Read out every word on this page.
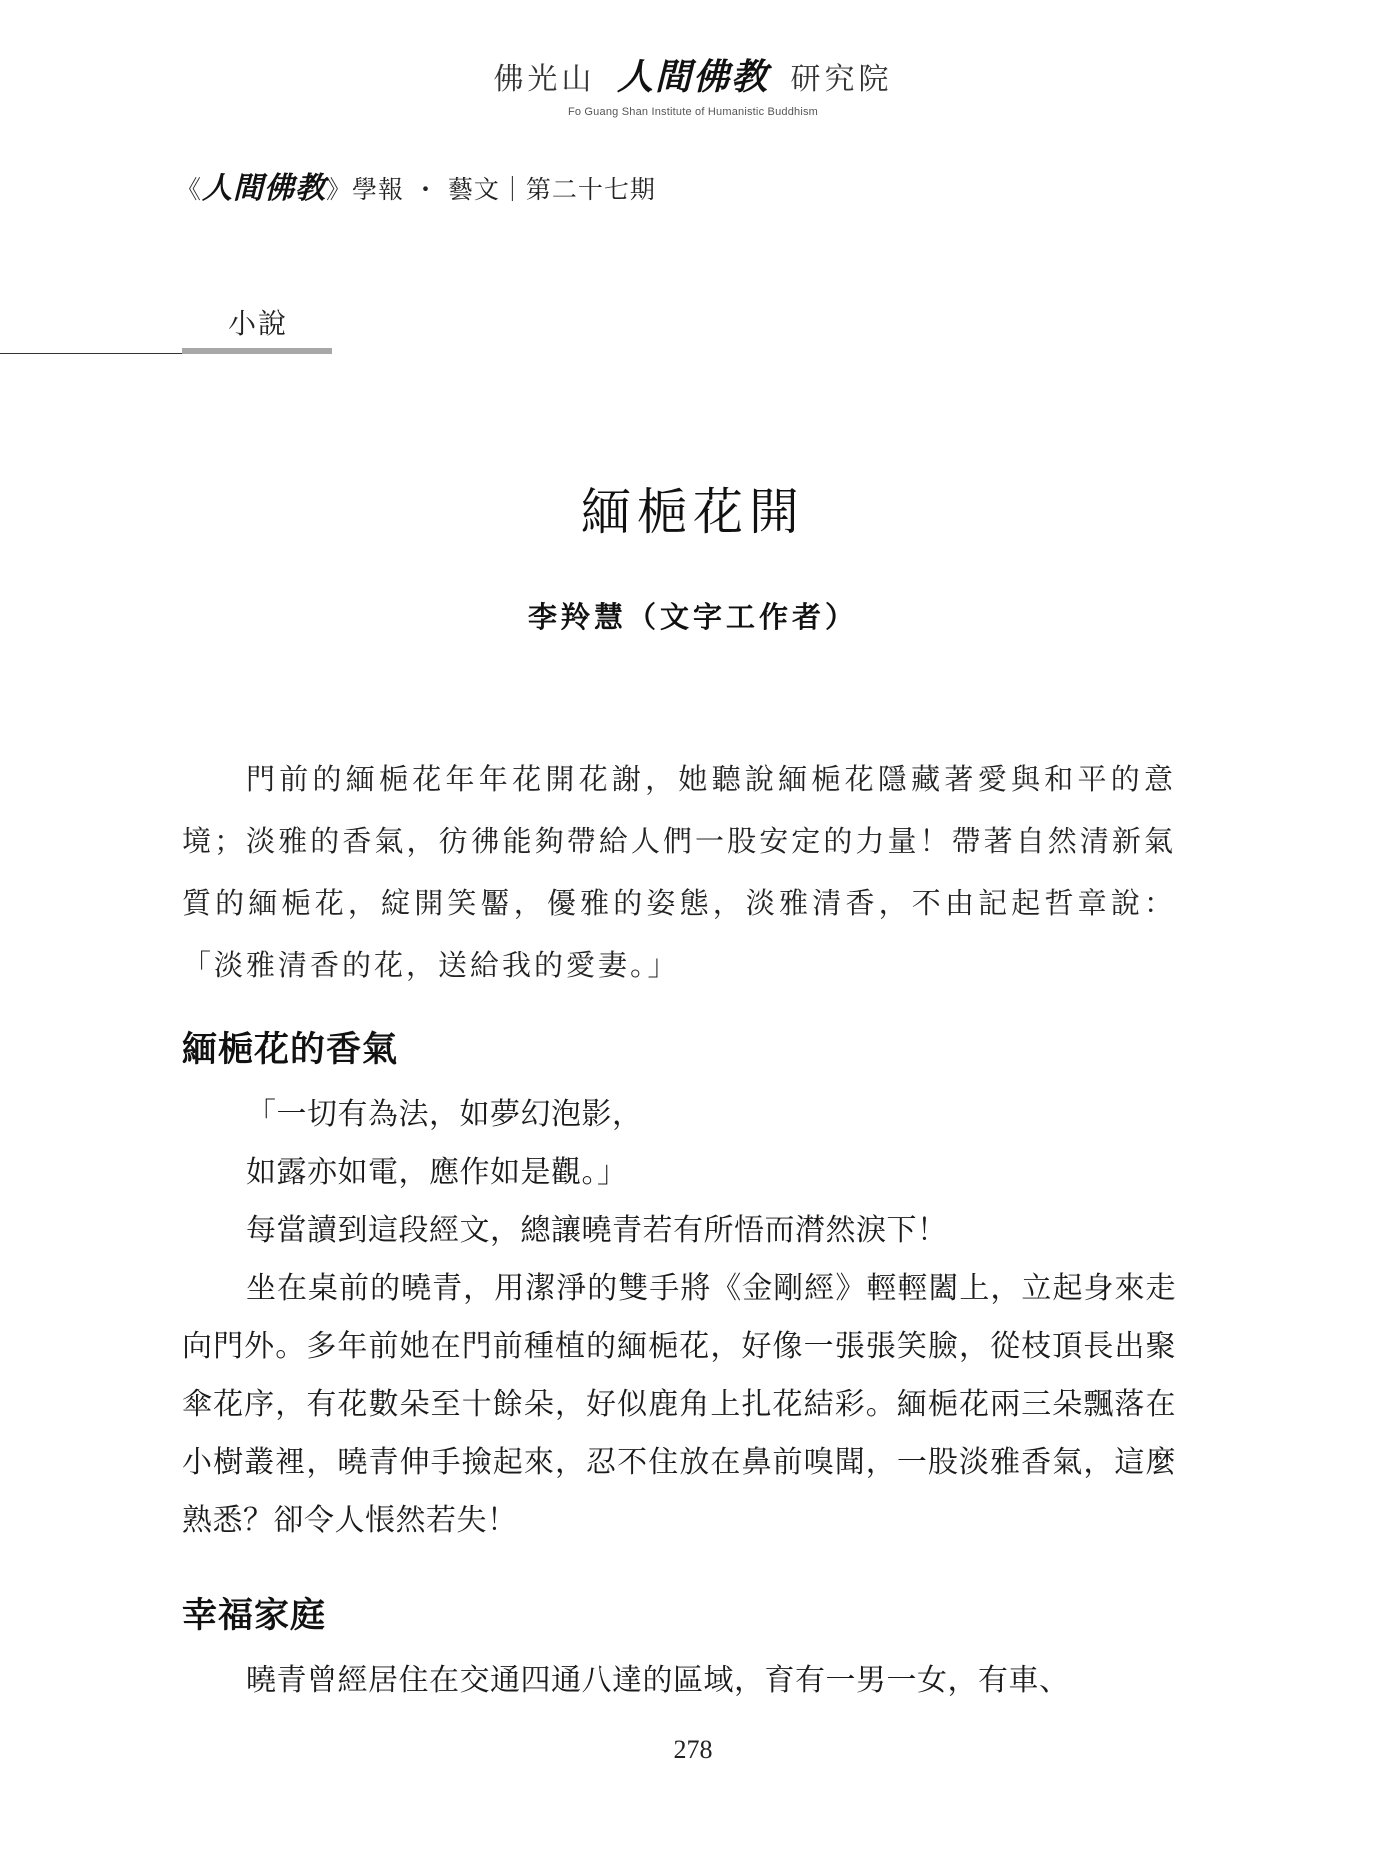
佛光山 人間佛教 研究院
Fo Guang Shan Institute of Humanistic Buddhism
《人間佛教》學報 ・ 藝文｜第二十七期
小說
緬梔花開
李羚慧（文字工作者）
門前的緬梔花年年花開花謝，她聽說緬梔花隱藏著愛與和平的意境；淡雅的香氣，彷彿能夠帶給人們一股安定的力量！帶著自然清新氣質的緬梔花，綻開笑靨，優雅的姿態，淡雅清香，不由記起哲章說：「淡雅清香的花，送給我的愛妻。」
緬梔花的香氣

「一切有為法，如夢幻泡影，

如露亦如電，應作如是觀。」

每當讀到這段經文，總讓曉青若有所悟而潸然淚下！

坐在桌前的曉青，用潔淨的雙手將《金剛經》輕輕闔上，立起身來走向門外。多年前她在門前種植的緬梔花，好像一張張笑臉，從枝頂長出聚傘花序，有花數朵至十餘朵，好似鹿角上扎花結彩。緬梔花兩三朵飄落在小樹叢裡，曉青伸手撿起來，忍不住放在鼻前嗅聞，一股淡雅香氣，這麼熟悉？卻令人悵然若失！

幸福家庭

曉青曾經居住在交通四通八達的區域，育有一男一女，有車、

278
